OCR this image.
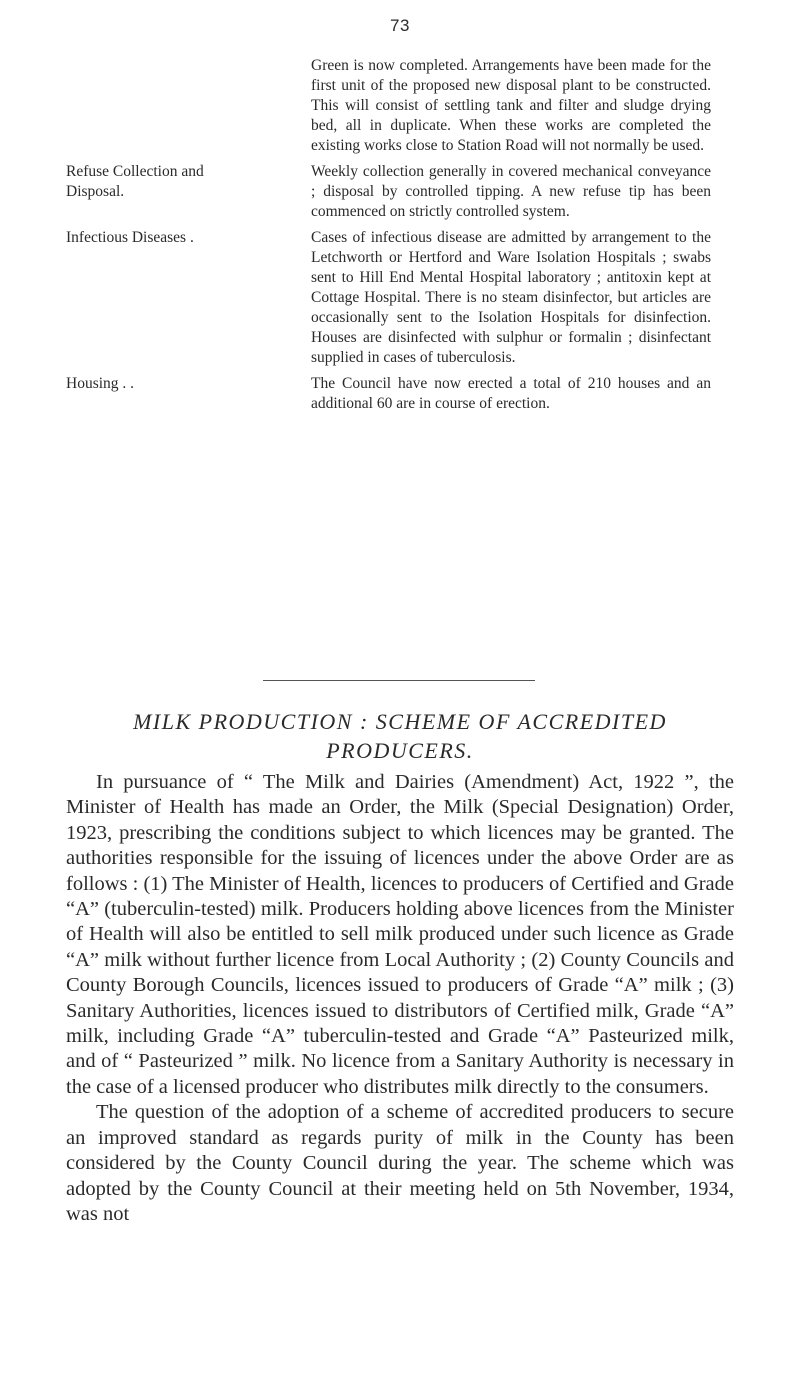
73
Green is now completed. Arrangements have been made for the first unit of the proposed new disposal plant to be constructed. This will consist of settling tank and filter and sludge drying bed, all in duplicate. When these works are completed the existing works close to Station Road will not normally be used.
Refuse Collection and
Disposal.
Weekly collection generally in covered mechanical conveyance ; disposal by controlled tipping. A new refuse tip has been commenced on strictly controlled system.
Infectious Diseases .	Cases of infectious disease are admitted by arrangement to the Letchworth or Hertford and Ware Isolation Hospitals ; swabs sent to Hill End Mental Hospital laboratory ; antitoxin kept at Cottage Hospital. There is no steam disinfector, but articles are occasionally sent to the Isolation Hospitals for disinfection. Houses are disinfected with sulphur or formalin ; disinfectant supplied in cases of tuberculosis.
Housing . .	The Council have now erected a total of 210 houses and an additional 60 are in course of erection.
MILK PRODUCTION : SCHEME OF ACCREDITED PRODUCERS.

In pursuance of “ The Milk and Dairies (Amendment) Act, 1922 ”, the Minister of Health has made an Order, the Milk (Special Designation) Order, 1923, prescribing the conditions subject to which licences may be granted. The authorities responsible for the issuing of licences under the above Order are as follows : (1) The Minister of Health, licences to producers of Certified and Grade “A” (tuberculin-tested) milk. Producers holding above licences from the Minister of Health will also be entitled to sell milk produced under such licence as Grade “A” milk without further licence from Local Authority ; (2) County Councils and County Borough Councils, licences issued to producers of Grade “A” milk ; (3) Sanitary Authorities, licences issued to distributors of Certified milk, Grade “A” milk, including Grade “A” tuberculin-tested and Grade “A” Pasteurized milk, and of “ Pasteurized ” milk. No licence from a Sanitary Authority is necessary in the case of a licensed producer who distributes milk directly to the consumers.

The question of the adoption of a scheme of accredited producers to secure an improved standard as regards purity of milk in the County has been considered by the County Council during the year. The scheme which was adopted by the County Council at their meeting held on 5th November, 1934, was not
